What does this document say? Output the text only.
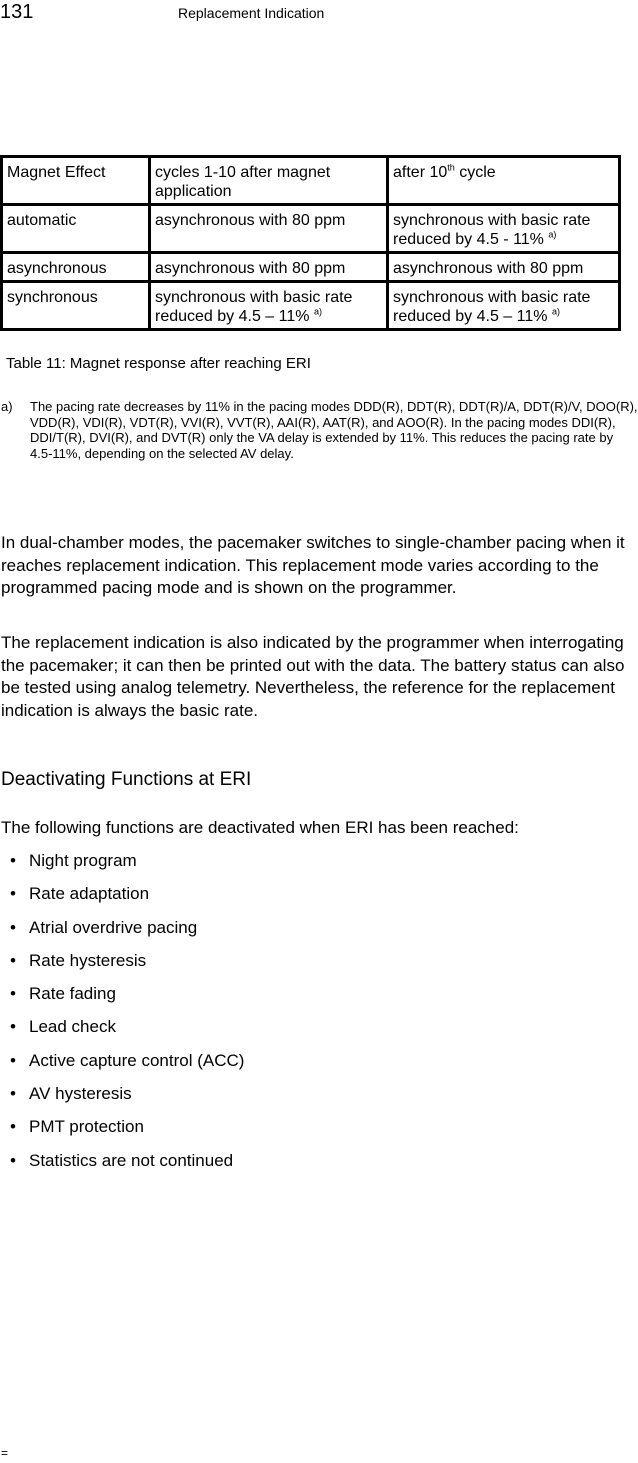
131	Replacement Indication
Magnet Effect	cycles 1-10 after magnet application	after 10th cycle
automatic	asynchronous with 80 ppm	synchronous with basic rate reduced by 4.5 - 11% $^{a)}$
asynchronous	asynchronous with 80 ppm	asynchronous with 80 ppm
synchronous	synchronous with basic rate reduced by 4.5 – 11% $^{a)}$	synchronous with basic rate reduced by 4.5 – 11% $^{a)}$
Table 11: Magnet response after reaching ERI
a) The pacing rate decreases by 11% in the pacing modes DDD(R), DDT(R), DDT(R)/A, DDT(R)/V, DOO(R), VDD(R), VDI(R), VDT(R), VVI(R), VVT(R), AAI(R), AAT(R), and AOO(R). In the pacing modes DDI(R), DDI/T(R), DVI(R), and DVT(R) only the VA delay is extended by 11%. This reduces the pacing rate by 4.5-11%, depending on the selected AV delay.

In dual-chamber modes, the pacemaker switches to single-chamber pacing when it reaches replacement indication. This replacement mode varies according to the programmed pacing mode and is shown on the programmer.

The replacement indication is also indicated by the programmer when interrogating the pacemaker; it can then be printed out with the data. The battery status can also be tested using analog telemetry. Nevertheless, the reference for the replacement indication is always the basic rate.

Deactivating Functions at ERI

The following functions are deactivated when ERI has been reached:

• Night program
• Rate adaptation
• Atrial overdrive pacing
• Rate hysteresis
• Rate fading
• Lead check
• Active capture control (ACC)
• AV hysteresis
• PMT protection
• Statistics are not continued
=
